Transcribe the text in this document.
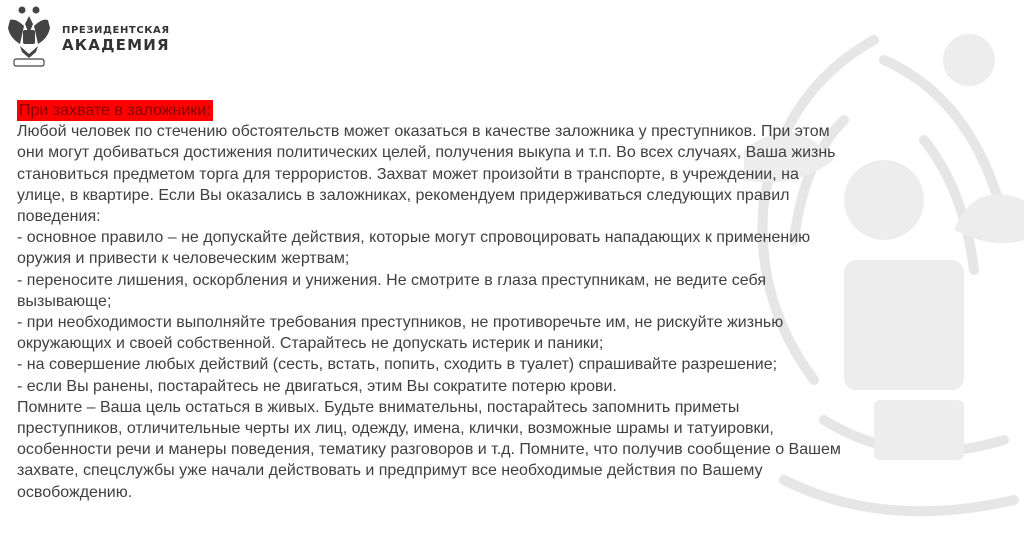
ПРЕЗИДЕНТСКАЯ
АКАДЕМИЯ
При захвате в заложники:
Любой человек по стечению обстоятельств может оказаться в качестве заложника у преступников. При этом
они могут добиваться достижения политических целей, получения выкупа и т.п. Во всех случаях, Ваша жизнь
становиться предметом торга для террористов. Захват может произойти в транспорте, в учреждении, на
улице, в квартире. Если Вы оказались в заложниках, рекомендуем придерживаться следующих правил
поведения:
- основное правило – не допускайте действия, которые могут спровоцировать нападающих к применению
оружия и привести к человеческим жертвам;
- переносите лишения, оскорбления и унижения. Не смотрите в глаза преступникам, не ведите себя
вызывающе;
- при необходимости выполняйте требования преступников, не противоречьте им, не рискуйте жизнью
окружающих и своей собственной. Старайтесь не допускать истерик и паники;
- на совершение любых действий (сесть, встать, попить, сходить в туалет) спрашивайте разрешение;
- если Вы ранены, постарайтесь не двигаться, этим Вы сократите потерю крови.
Помните – Ваша цель остаться в живых. Будьте внимательны, постарайтесь запомнить приметы
преступников, отличительные черты их лиц, одежду, имена, клички, возможные шрамы и татуировки,
особенности речи и манеры поведения, тематику разговоров и т.д. Помните, что получив сообщение о Вашем
захвате, спецслужбы уже начали действовать и предпримут все необходимые действия по Вашему
освобождению.
